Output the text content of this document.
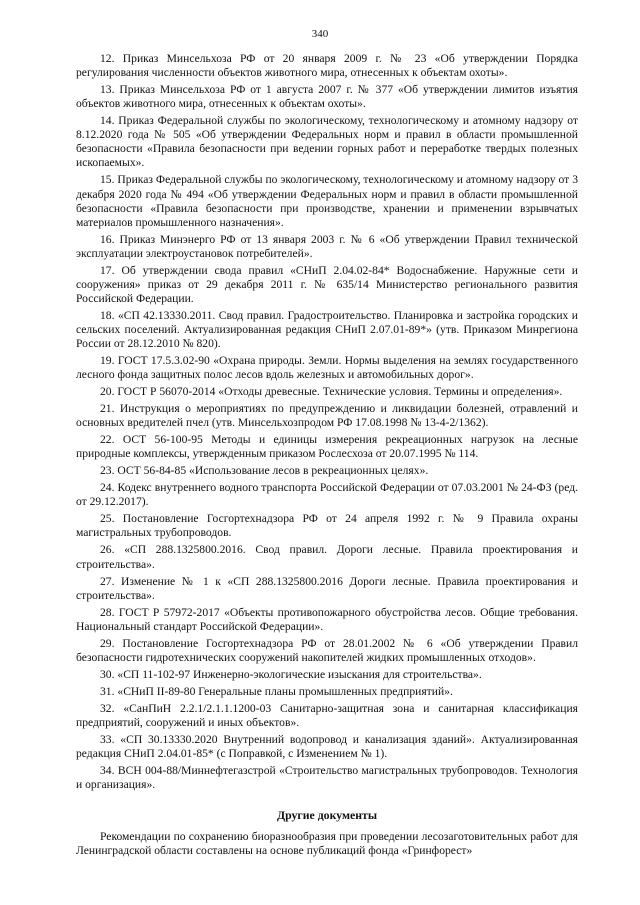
340

12. Приказ Минсельхоза РФ от 20 января 2009 г. № 23 «Об утверждении Порядка регулирования численности объектов животного мира, отнесенных к объектам охоты».

13. Приказ Минсельхоза РФ от 1 августа 2007 г. № 377 «Об утверждении лимитов изъятия объектов животного мира, отнесенных к объектам охоты».

14. Приказ Федеральной службы по экологическому, технологическому и атомному надзору от 8.12.2020 года № 505 «Об утверждении Федеральных норм и правил в области промышленной безопасности «Правила безопасности при ведении горных работ и переработке твердых полезных ископаемых».

15. Приказ Федеральной службы по экологическому, технологическому и атомному надзору от 3 декабря 2020 года № 494 «Об утверждении Федеральных норм и правил в области промышленной безопасности «Правила безопасности при производстве, хранении и применении взрывчатых материалов промышленного назначения».

16. Приказ Минэнерго РФ от 13 января 2003 г. № 6 «Об утверждении Правил технической эксплуатации электроустановок потребителей».

17. Об утверждении свода правил «СНиП 2.04.02-84* Водоснабжение. Наружные сети и сооружения» приказ от 29 декабря 2011 г. № 635/14 Министерство регионального развития Российской Федерации.

18. «СП 42.13330.2011. Свод правил. Градостроительство. Планировка и застройка городских и сельских поселений. Актуализированная редакция СНиП 2.07.01-89*» (утв. Приказом Минрегиона России от 28.12.2010 № 820).

19. ГОСТ 17.5.3.02-90 «Охрана природы. Земли. Нормы выделения на землях государственного лесного фонда защитных полос лесов вдоль железных и автомобильных дорог».

20. ГОСТ Р 56070-2014 «Отходы древесные. Технические условия. Термины и определения».

21. Инструкция о мероприятиях по предупреждению и ликвидации болезней, отравлений и основных вредителей пчел (утв. Минсельхозпродом РФ 17.08.1998 № 13-4-2/1362).

22. ОСТ 56-100-95 Методы и единицы измерения рекреационных нагрузок на лесные природные комплексы, утвержденным приказом Рослесхоза от 20.07.1995 № 114.

23. ОСТ 56-84-85 «Использование лесов в рекреационных целях».

24. Кодекс внутреннего водного транспорта Российской Федерации от 07.03.2001 № 24-ФЗ (ред. от 29.12.2017).

25. Постановление Госгортехнадзора РФ от 24 апреля 1992 г. № 9 Правила охраны магистральных трубопроводов.

26. «СП 288.1325800.2016. Свод правил. Дороги лесные. Правила проектирования и строительства».

27. Изменение № 1 к «СП 288.1325800.2016 Дороги лесные. Правила проектирования и строительства».

28. ГОСТ Р 57972-2017 «Объекты противопожарного обустройства лесов. Общие требования. Национальный стандарт Российской Федерации».

29. Постановление Госгортехнадзора РФ от 28.01.2002 № 6 «Об утверждении Правил безопасности гидротехнических сооружений накопителей жидких промышленных отходов».

30. «СП 11-102-97 Инженерно-экологические изыскания для строительства».

31. «СНиП II-89-80 Генеральные планы промышленных предприятий».

32. «СанПиН 2.2.1/2.1.1.1200-03 Санитарно-защитная зона и санитарная классификация предприятий, сооружений и иных объектов».

33. «СП 30.13330.2020 Внутренний водопровод и канализация зданий». Актуализированная редакция СНиП 2.04.01-85* (с Поправкой, с Изменением № 1).

34. ВСН 004-88/Миннефтегазстрой «Строительство магистральных трубопроводов. Технология и организация».

Другие документы

Рекомендации по сохранению биоразнообразия при проведении лесозаготовительных работ для Ленинградской области составлены на основе публикаций фонда «Гринфорест»
